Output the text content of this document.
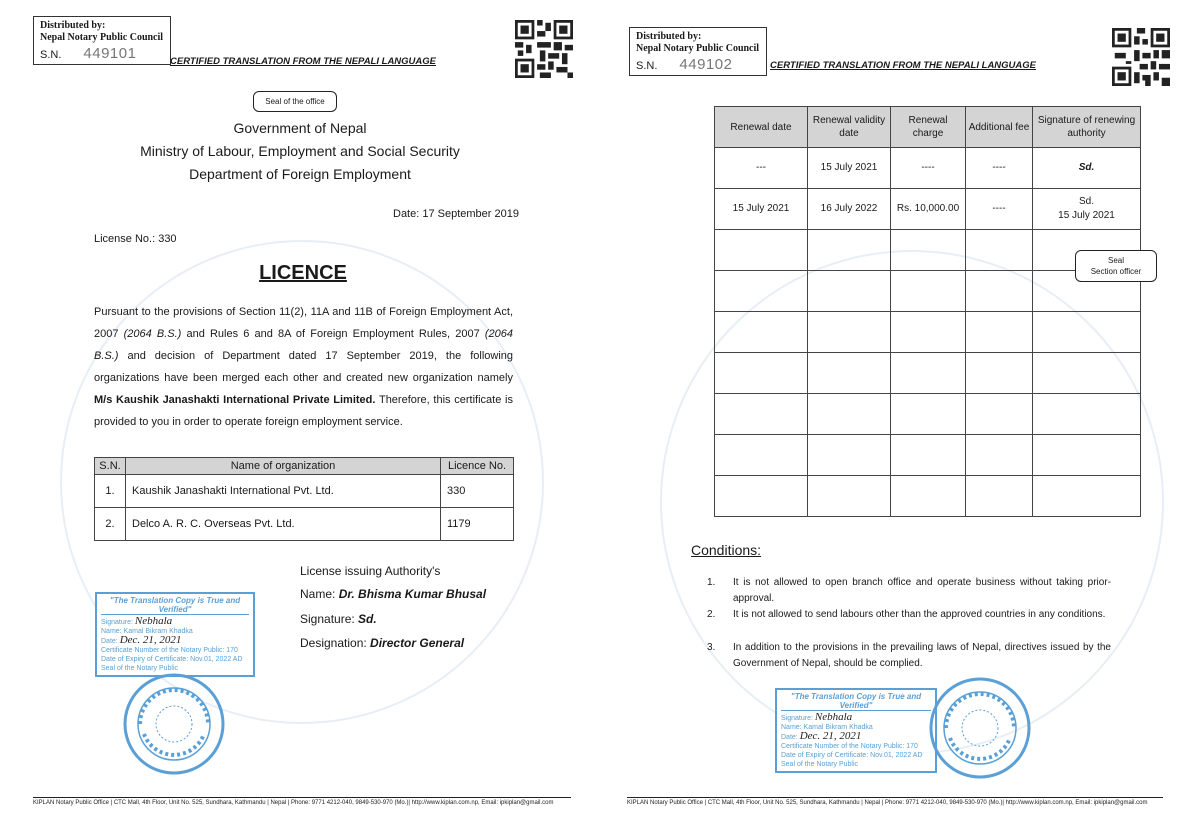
Distributed by:
Nepal Notary Public Council
S.N. 449101	CERTIFIED TRANSLATION FROM THE NEPALI LANGUAGE
Seal of the office
Government of Nepal
Ministry of Labour, Employment and Social Security
Department of Foreign Employment
Date: 17 September 2019
License No.: 330
LICENCE
Pursuant to the provisions of Section 11(2), 11A and 11B of Foreign Employment Act, 2007 (2064 B.S.) and Rules 6 and 8A of Foreign Employment Rules, 2007 (2064 B.S.) and decision of Department dated 17 September 2019, the following organizations have been merged each other and created new organization namely M/s Kaushik Janashakti International Private Limited. Therefore, this certificate is provided to you in order to operate foreign employment service.
S.N.	Name of organization	Licence No.
1.	Kaushik Janashakti International Pvt. Ltd.	330
2.	Delco A. R. C. Overseas Pvt. Ltd.	1179
License issuing Authority's
Name: Dr. Bhisma Kumar Bhusal
Signature: Sd.
Designation: Director General
"The Translation Copy is True and Verified"
Signature: Nebhala
Name: Kamal Bikram Khadka
Date: Dec. 21, 2021
Certificate Number of the Notary Public: 170
Date of Expiry of Certificate: Nov.01, 2022 AD
Seal of the Notary Public
KIPLAN Notary Public Office | CTC Mall, 4th Floor, Unit No. 525, Sundhara, Kathmandu | Nepal | Phone: 9771 4212-040, 9849-530-970 (Mo.)| http://www.kiplan.com.np, Email: ipkiplan@gmail.com
Distributed by:
Nepal Notary Public Council
S.N. 449102	CERTIFIED TRANSLATION FROM THE NEPALI LANGUAGE
Renewal date	Renewal validity date	Renewal charge	Additional fee	Signature of renewing authority
---	15 July 2021	----	----	Sd.
15 July 2021	16 July 2022	Rs. 10,000.00	----	Sd.
15 July 2021

Seal
Section officer
Conditions:
1. It is not allowed to open branch office and operate business without taking prior-approval.
2. It is not allowed to send labours other than the approved countries in any conditions.
3. In addition to the provisions in the prevailing laws of Nepal, directives issued by the Government of Nepal, should be complied.
"The Translation Copy is True and Verified"
Signature: Nebhala
Name: Kamal Bikram Khadka
Date: Dec. 21, 2021
Certificate Number of the Notary Public: 170
Date of Expiry of Certificate: Nov.01, 2022 AD
Seal of the Notary Public
KIPLAN Notary Public Office | CTC Mall, 4th Floor, Unit No. 525, Sundhara, Kathmandu | Nepal | Phone: 9771 4212-040, 9849-530-970 (Mo.)| http://www.kiplan.com.np, Email: ipkiplan@gmail.com
